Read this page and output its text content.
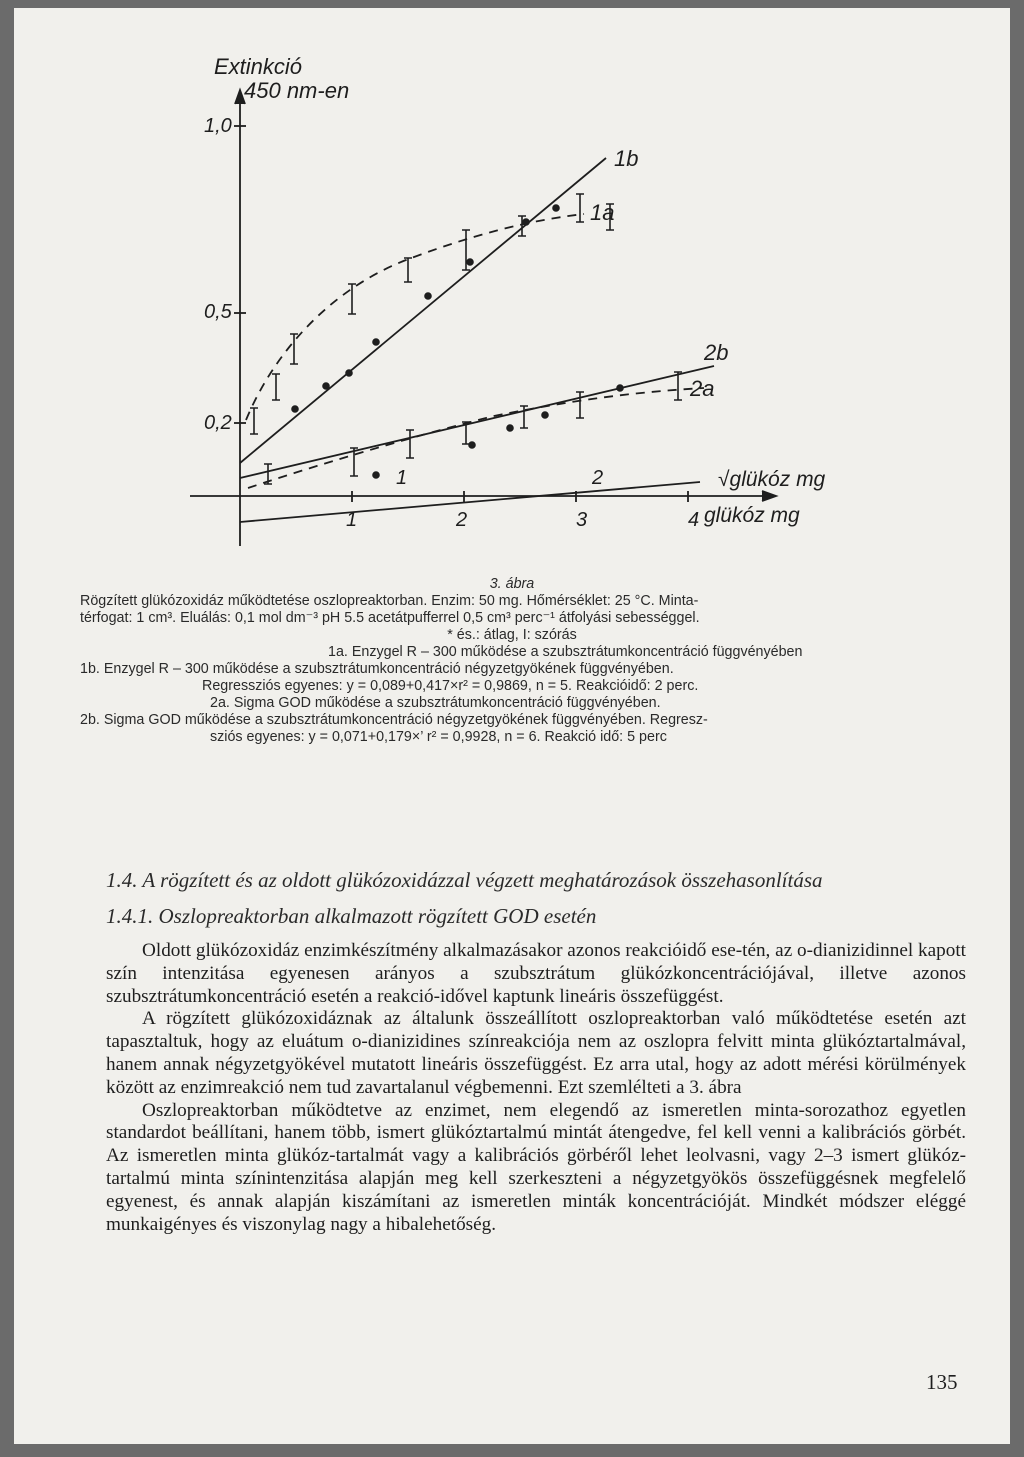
Extinkció
450 nm-en
1,0
0,5
0,2
1	2
1	2	3	4
√glükóz mg
glükóz mg
1b
1a
2b
2a
3. ábra
Rögzített glükózoxidáz működtetése oszlopreaktorban. Enzim: 50 mg. Hőmérséklet: 25 °C. Minta-
térfogat: 1 cm³. Eluálás: 0,1 mol dm⁻³ pH 5.5 acetátpufferrel 0,5 cm³ perc⁻¹ átfolyási sebességgel.
* és.: átlag, I: szórás
1a. Enzygel R – 300 működése a szubsztrátumkoncentráció függvényében
1b. Enzygel R – 300 működése a szubsztrátumkoncentráció négyzetgyökének függvényében.
Regressziós egyenes: y = 0,089+0,417×r² = 0,9869, n = 5. Reakcióidő: 2 perc.
2a. Sigma GOD működése a szubsztrátumkoncentráció függvényében.
2b. Sigma GOD működése a szubsztrátumkoncentráció négyzetgyökének függvényében. Regresz-
sziós egyenes: y = 0,071+0,179×’ r² = 0,9928, n = 6. Reakció idő: 5 perc
1.4. A rögzített és az oldott glükózoxidázzal végzett meghatározások összehasonlítása
1.4.1. Oszlopreaktorban alkalmazott rögzített GOD esetén

Oldott glükózoxidáz enzimkészítmény alkalmazásakor azonos reakcióidő ese-tén, az o-dianizidinnel kapott szín intenzitása egyenesen arányos a szubsztrátum glükózkoncentrációjával, illetve azonos szubsztrátumkoncentráció esetén a reakció-idővel kaptunk lineáris összefüggést.

A rögzített glükózoxidáznak az általunk összeállított oszlopreaktorban való működtetése esetén azt tapasztaltuk, hogy az eluátum o-dianizidines színreakciója nem az oszlopra felvitt minta glükóztartalmával, hanem annak négyzetgyökével mutatott lineáris összefüggést. Ez arra utal, hogy az adott mérési körülmények között az enzimreakció nem tud zavartalanul végbemenni. Ezt szemlélteti a 3. ábra

Oszlopreaktorban működtetve az enzimet, nem elegendő az ismeretlen minta-sorozathoz egyetlen standardot beállítani, hanem több, ismert glükóztartalmú mintát átengedve, fel kell venni a kalibrációs görbét. Az ismeretlen minta glükóz-tartalmát vagy a kalibrációs görbéről lehet leolvasni, vagy 2–3 ismert glükóz-tartalmú minta színintenzitása alapján meg kell szerkeszteni a négyzetgyökös összefüggésnek megfelelő egyenest, és annak alapján kiszámítani az ismeretlen minták koncentrációját. Mindkét módszer eléggé munkaigényes és viszonylag nagy a hibalehetőség.

135
